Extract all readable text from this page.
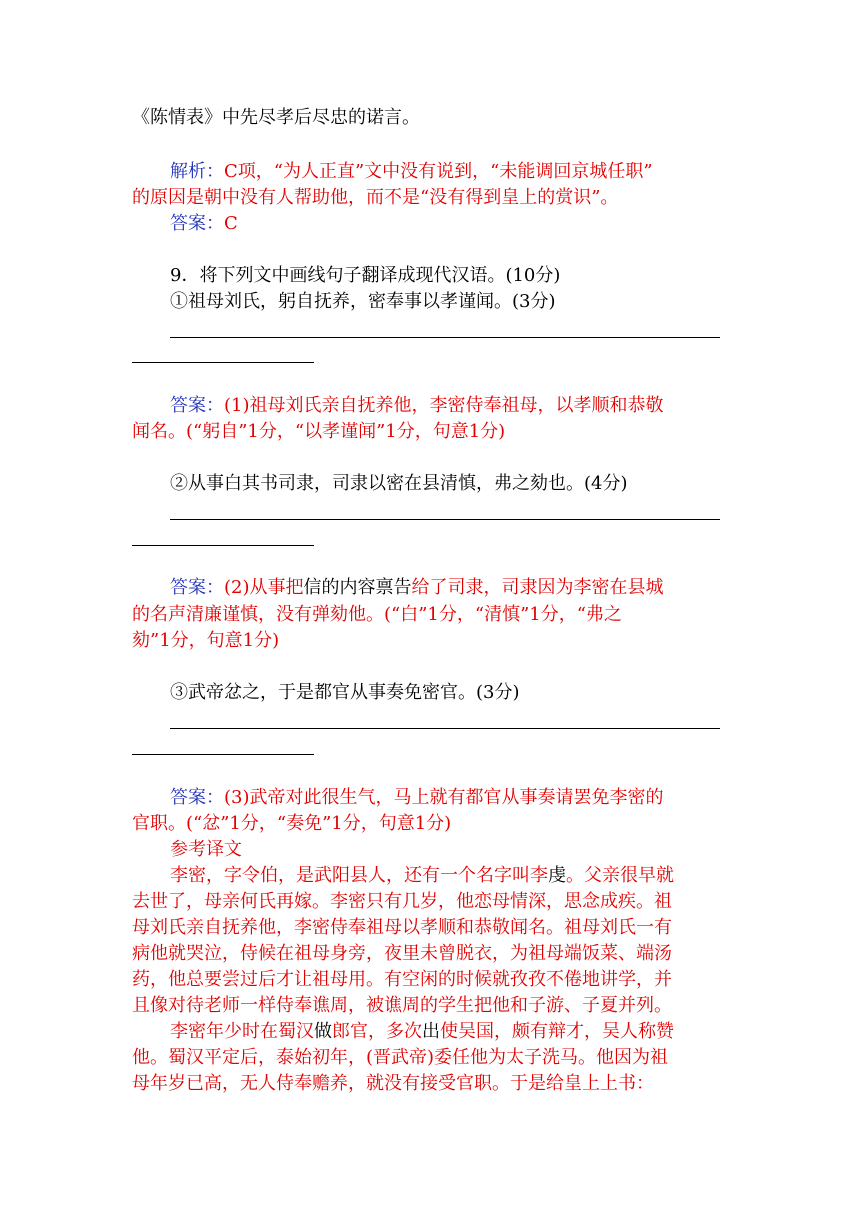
《陈情表》中先尽孝后尽忠的诺言。
解析：C项，“为人正直”文中没有说到，“未能调回京城任职”
的原因是朝中没有人帮助他，而不是“没有得到皇上的赏识”。
答案：C
9．将下列文中画线句子翻译成现代汉语。(10分)
①祖母刘氏，躬自抚养，密奉事以孝谨闻。(3分)
答案：(1)祖母刘氏亲自抚养他，李密侍奉祖母，以孝顺和恭敬
闻名。(“躬自”1分，“以孝谨闻”1分，句意1分)
②从事白其书司隶，司隶以密在县清慎，弗之劾也。(4分)
答案：(2)从事把信的内容禀告给了司隶，司隶因为李密在县城
的名声清廉谨慎，没有弹劾他。(“白”1分，“清慎”1分，“弗之
劾”1分，句意1分)
③武帝忿之，于是都官从事奏免密官。(3分)
答案：(3)武帝对此很生气，马上就有都官从事奏请罢免李密的
官职。(“忿”1分，“奏免”1分，句意1分)
参考译文
李密，字令伯，是武阳县人，还有一个名字叫李虔。父亲很早就
去世了，母亲何氏再嫁。李密只有几岁，他恋母情深，思念成疾。祖
母刘氏亲自抚养他，李密侍奉祖母以孝顺和恭敬闻名。祖母刘氏一有
病他就哭泣，侍候在祖母身旁，夜里未曾脱衣，为祖母端饭菜、端汤
药，他总要尝过后才让祖母用。有空闲的时候就孜孜不倦地讲学，并
且像对待老师一样侍奉谯周，被谯周的学生把他和子游、子夏并列。
李密年少时在蜀汉做郎官，多次出使吴国，颇有辩才，吴人称赞
他。蜀汉平定后，泰始初年，(晋武帝)委任他为太子洗马。他因为祖
母年岁已高，无人侍奉赡养，就没有接受官职。于是给皇上上书：
